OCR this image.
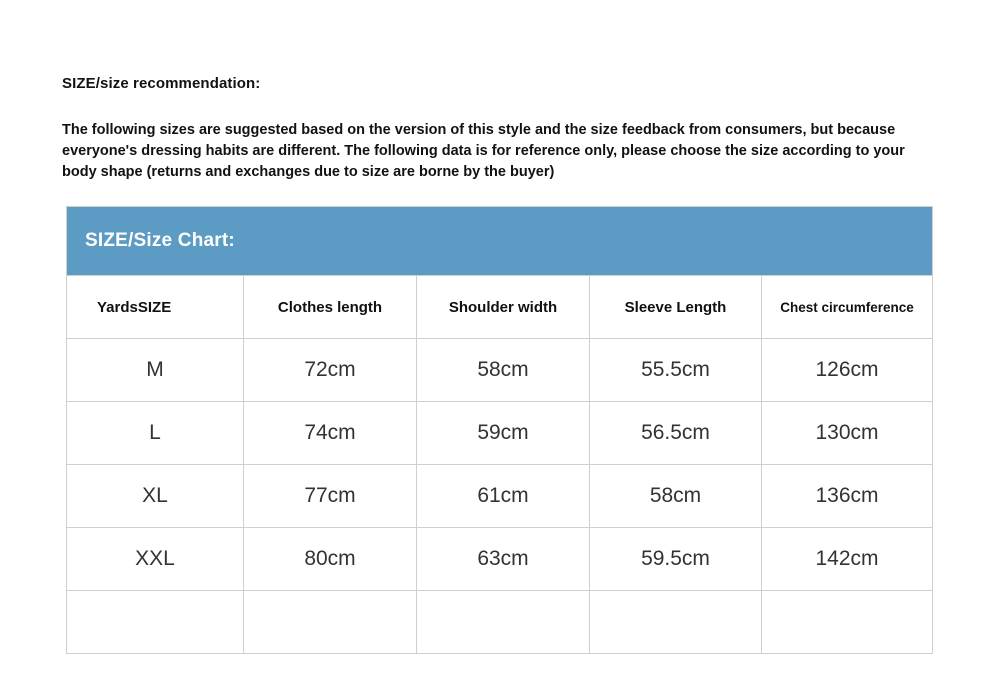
SIZE/size recommendation:
The following sizes are suggested based on the version of this style and the size feedback from consumers, but because everyone's dressing habits are different. The following data is for reference only, please choose the size according to your body shape (returns and exchanges due to size are borne by the buyer)
SIZE/Size Chart:				

YardsSIZE	Clothes length	Shoulder width	Sleeve Length	Chest circumference
M	72cm	58cm	55.5cm	126cm
L	74cm	59cm	56.5cm	130cm
XL	77cm	61cm	58cm	136cm
XXL	80cm	63cm	59.5cm	142cm
